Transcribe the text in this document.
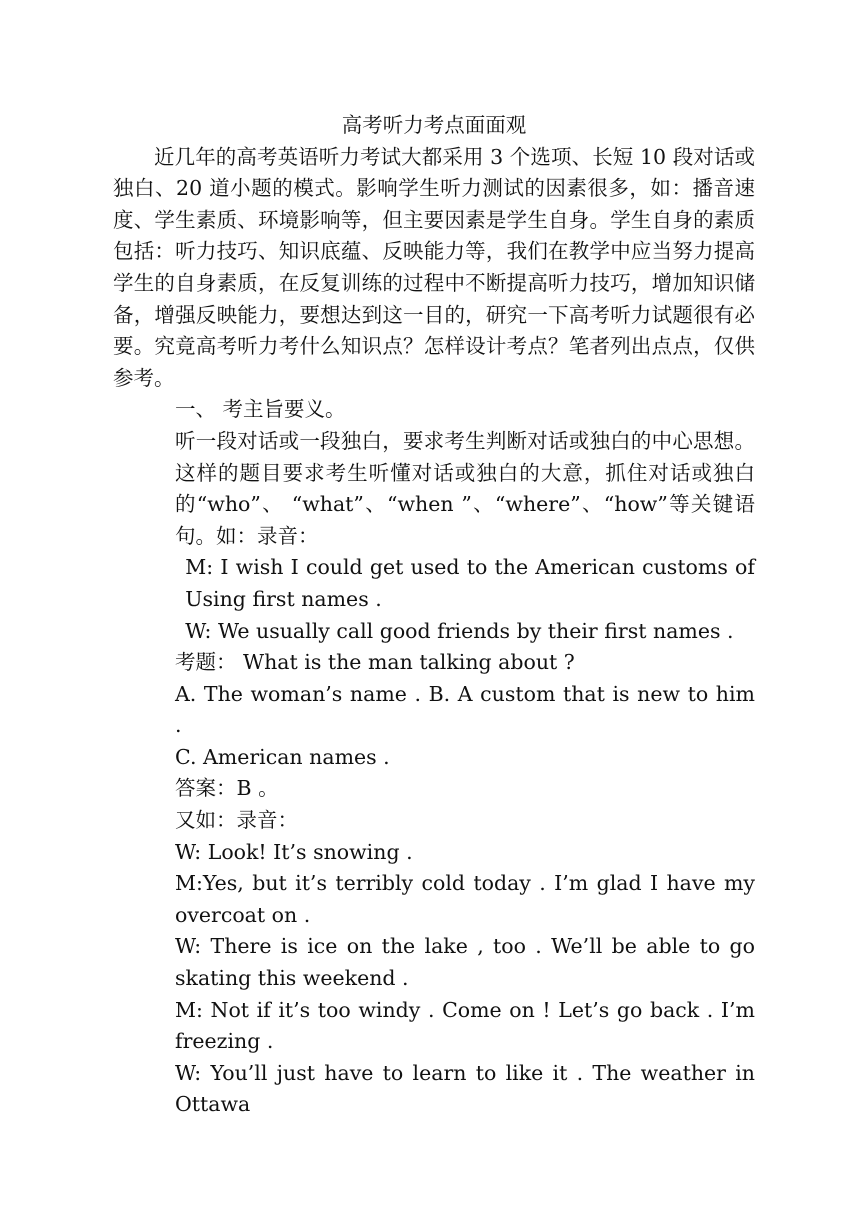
高考听力考点面面观

近几年的高考英语听力考试大都采用 3 个选项、长短 10 段对话或独白、20 道小题的模式。影响学生听力测试的因素很多，如：播音速度、学生素质、环境影响等，但主要因素是学生自身。学生自身的素质包括：听力技巧、知识底蕴、反映能力等，我们在教学中应当努力提高学生的自身素质，在反复训练的过程中不断提高听力技巧，增加知识储备，增强反映能力，要想达到这一目的，研究一下高考听力试题很有必要。究竟高考听力考什么知识点？怎样设计考点？笔者列出点点，仅供参考。

一、 考主旨要义。

听一段对话或一段独白，要求考生判断对话或独白的中心思想。这样的题目要求考生听懂对话或独白的大意，抓住对话或独白的“who”、 “what”、“when ”、“where”、“how”等关键语句。如：录音：

M: I wish I could get used to the American customs of Using first names .

W: We usually call good friends by their first names .

考题： What is the man talking about ?

A. The woman’s name . B. A custom that is new to him .

C. American names .

答案：B 。

又如：录音：

W: Look! It’s snowing .

M:Yes, but it’s terribly cold today . I’m glad I have my overcoat on .

W: There is ice on the lake , too . We’ll be able to go skating this weekend .

M: Not if it’s too windy . Come on ! Let’s go back . I’m freezing .

W: You’ll just have to learn to like it . The weather in Ottawa
